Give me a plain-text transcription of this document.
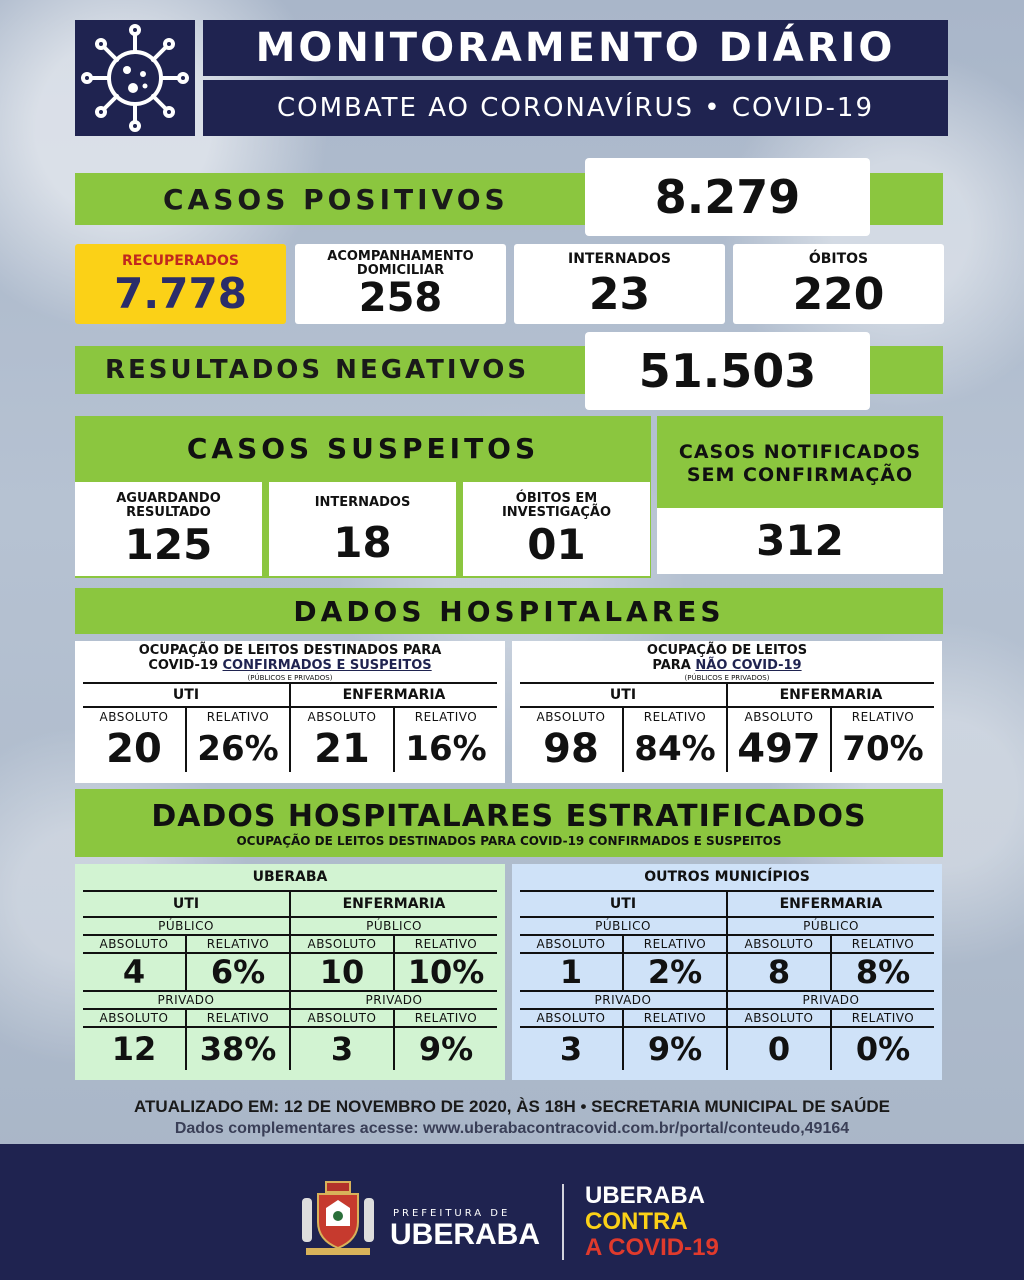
MONITORAMENTO DIÁRIO
COMBATE AO CORONAVÍRUS • COVID-19
CASOS POSITIVOS	8.279
RECUPERADOS
7.778
ACOMPANHAMENTO DOMICILIAR
258
INTERNADOS
23
ÓBITOS
220
RESULTADOS NEGATIVOS 51.503
CASOS SUSPEITOS
AGUARDANDO RESULTADO
125
INTERNADOS
18
ÓBITOS EM INVESTIGAÇÃO
01
CASOS NOTIFICADOS SEM CONFIRMAÇÃO
312
DADOS HOSPITALARES
OCUPAÇÃO DE LEITOS DESTINADOS PARA
COVID-19 CONFIRMADOS E SUSPEITOS
(PÚBLICOS E PRIVADOS)
UTI	ENFERMARIA
ABSOLUTO	RELATIVO	ABSOLUTO	RELATIVO
20	26% 21	16%
OCUPAÇÃO DE LEITOS
PARA NÃO COVID-19
(PÚBLICOS E PRIVADOS)
UTI	ENFERMARIA
ABSOLUTO	RELATIVO	ABSOLUTO	RELATIVO
98	84% 497 70%
DADOS HOSPITALARES ESTRATIFICADOS
OCUPAÇÃO DE LEITOS DESTINADOS PARA COVID-19 CONFIRMADOS E SUSPEITOS
UBERABA
UTI	ENFERMARIA
PÚBLICO	PÚBLICO
ABSOLUTO	RELATIVO	ABSOLUTO	RELATIVO
4	6%	10	10%
PRIVADO	PRIVADO
ABSOLUTO	RELATIVO	ABSOLUTO	RELATIVO
12	38%	3	9%
OUTROS MUNICÍPIOS
UTI	ENFERMARIA
PÚBLICO	PÚBLICO
ABSOLUTO	RELATIVO	ABSOLUTO	RELATIVO
1	2%	8	8%
PRIVADO	PRIVADO
ABSOLUTO	RELATIVO	ABSOLUTO	RELATIVO
3	9%	0	0%
ATUALIZADO EM: 12 DE NOVEMBRO DE 2020, ÀS 18H • SECRETARIA MUNICIPAL DE SAÚDE
Dados complementares acesse: www.uberabacontracovid.com.br/portal/conteudo,49164
PREFEITURA DE
UBERABA
UBERABA
CONTRA
A COVID-19
